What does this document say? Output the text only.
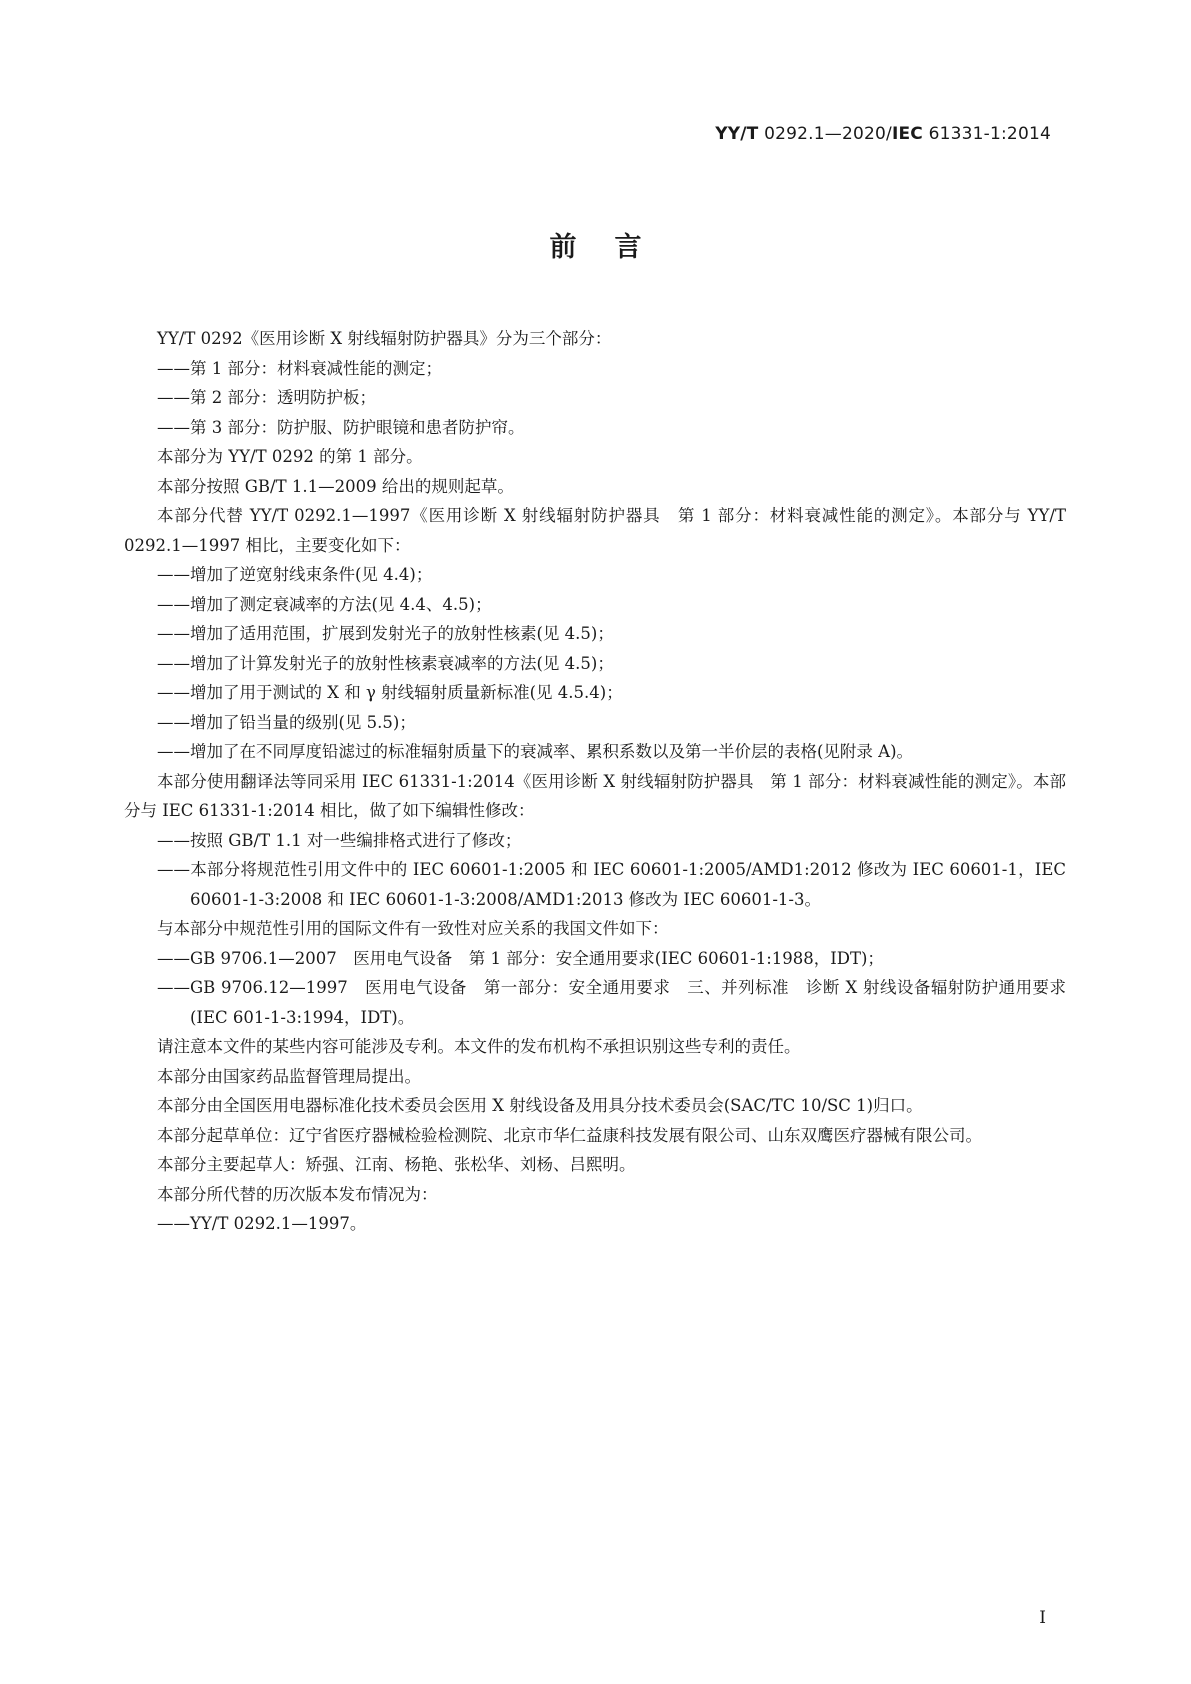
YY/T 0292.1—2020/IEC 61331-1:2014
前言

YY/T 0292《医用诊断 X 射线辐射防护器具》分为三个部分：

——第 1 部分：材料衰减性能的测定；

——第 2 部分：透明防护板；

——第 3 部分：防护服、防护眼镜和患者防护帘。

本部分为 YY/T 0292 的第 1 部分。

本部分按照 GB/T 1.1—2009 给出的规则起草。

本部分代替 YY/T 0292.1—1997《医用诊断 X 射线辐射防护器具　第 1 部分：材料衰减性能的测定》。本部分与 YY/T 0292.1—1997 相比，主要变化如下：

——增加了逆宽射线束条件(见 4.4)；

——增加了测定衰减率的方法(见 4.4、4.5)；

——增加了适用范围，扩展到发射光子的放射性核素(见 4.5)；

——增加了计算发射光子的放射性核素衰减率的方法(见 4.5)；

——增加了用于测试的 X 和 γ 射线辐射质量新标准(见 4.5.4)；

——增加了铅当量的级别(见 5.5)；

——增加了在不同厚度铅滤过的标准辐射质量下的衰减率、累积系数以及第一半价层的表格(见附录 A)。

本部分使用翻译法等同采用 IEC 61331-1:2014《医用诊断 X 射线辐射防护器具　第 1 部分：材料衰减性能的测定》。本部分与 IEC 61331-1:2014 相比，做了如下编辑性修改：

——按照 GB/T 1.1 对一些编排格式进行了修改；

——本部分将规范性引用文件中的 IEC 60601-1:2005 和 IEC 60601-1:2005/AMD1:2012 修改为 IEC 60601-1，IEC 60601-1-3:2008 和 IEC 60601-1-3:2008/AMD1:2013 修改为 IEC 60601-1-3。

与本部分中规范性引用的国际文件有一致性对应关系的我国文件如下：

——GB 9706.1—2007　医用电气设备　第 1 部分：安全通用要求(IEC 60601-1:1988，IDT)；

——GB 9706.12—1997　医用电气设备　第一部分：安全通用要求　三、并列标准　诊断 X 射线设备辐射防护通用要求 (IEC 601-1-3:1994，IDT)。

请注意本文件的某些内容可能涉及专利。本文件的发布机构不承担识别这些专利的责任。

本部分由国家药品监督管理局提出。

本部分由全国医用电器标准化技术委员会医用 X 射线设备及用具分技术委员会(SAC/TC 10/SC 1)归口。

本部分起草单位：辽宁省医疗器械检验检测院、北京市华仁益康科技发展有限公司、山东双鹰医疗器械有限公司。

本部分主要起草人：矫强、江南、杨艳、张松华、刘杨、吕熙明。

本部分所代替的历次版本发布情况为：

——YY/T 0292.1—1997。

I
